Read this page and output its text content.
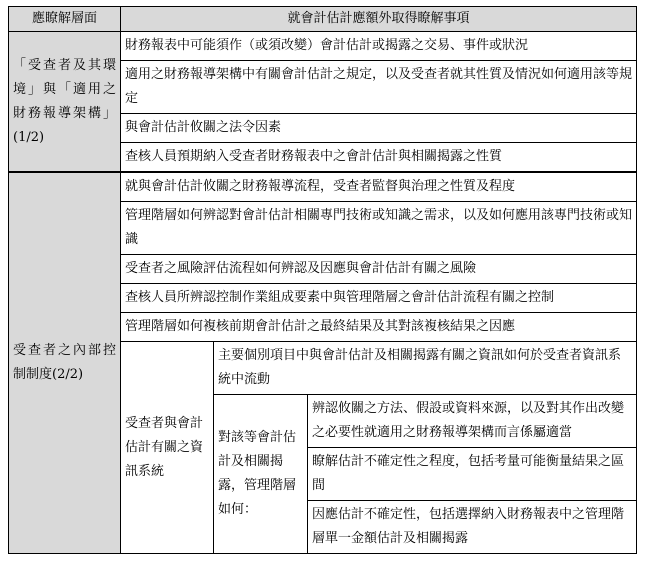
應瞭解層面	就會計估計應額外取得瞭解事項		
「受查者及其環境」與「適用之財務報導架構」(1/2)	財務報表中可能須作（或須改變）會計估計或揭露之交易、事件或狀況		
	適用之財務報導架構中有關會計估計之規定，以及受查者就其性質及情況如何適用該等規定		
	與會計估計攸關之法令因素		
	查核人員預期納入受查者財務報表中之會計估計與相關揭露之性質		
受查者之內部控制制度(2/2)	就與會計估計攸關之財務報導流程，受查者監督與治理之性質及程度		
	管理階層如何辨認對會計估計相關專門技術或知識之需求，以及如何應用該專門技術或知識		
	受查者之風險評估流程如何辨認及因應與會計估計有關之風險		
	查核人員所辨認控制作業組成要素中與管理階層之會計估計流程有關之控制		
	管理階層如何複核前期會計估計之最終結果及其對該複核結果之因應		
	受查者與會計估計有關之資訊系統	主要個別項目中與會計估計及相關揭露有關之資訊如何於受查者資訊系統中流動	
		對該等會計估計及相關揭露，管理階層如何：	辨認攸關之方法、假設或資料來源，以及對其作出改變之必要性就適用之財務報導架構而言係屬適當
			瞭解估計不確定性之程度，包括考量可能衡量結果之區間
			因應估計不確定性，包括選擇納入財務報表中之管理階層單一金額估計及相關揭露
